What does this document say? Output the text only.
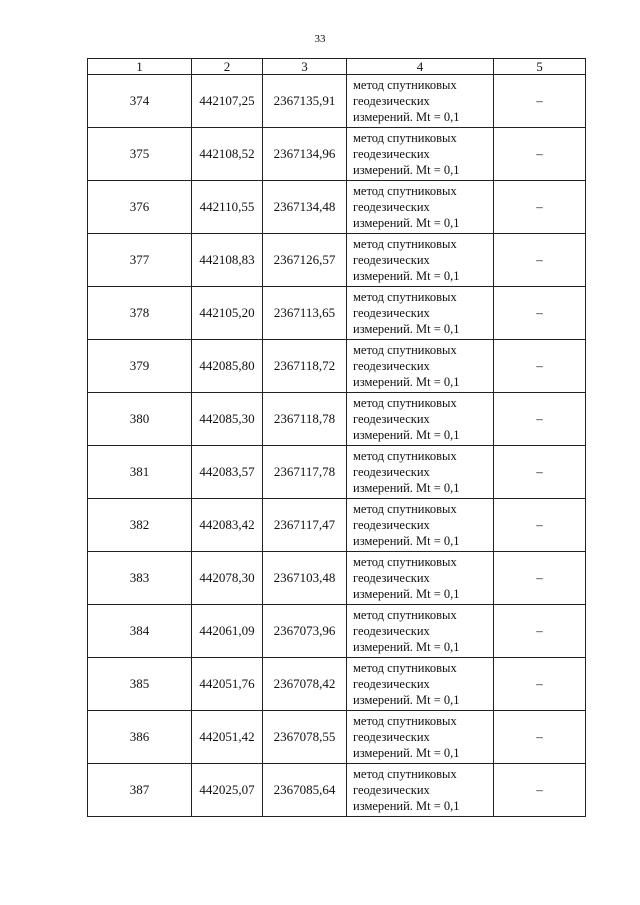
33
1	2	3	4	5
374	442107,25	2367135,91	метод спутниковых
геодезических
измерений. Mt = 0,1	–
375	442108,52	2367134,96	метод спутниковых
геодезических
измерений. Mt = 0,1	–
376	442110,55	2367134,48	метод спутниковых
геодезических
измерений. Mt = 0,1	–
377	442108,83	2367126,57	метод спутниковых
геодезических
измерений. Mt = 0,1	–
378	442105,20	2367113,65	метод спутниковых
геодезических
измерений. Mt = 0,1	–
379	442085,80	2367118,72	метод спутниковых
геодезических
измерений. Mt = 0,1	–
380	442085,30	2367118,78	метод спутниковых
геодезических
измерений. Mt = 0,1	–
381	442083,57	2367117,78	метод спутниковых
геодезических
измерений. Mt = 0,1	–
382	442083,42	2367117,47	метод спутниковых
геодезических
измерений. Mt = 0,1	–
383	442078,30	2367103,48	метод спутниковых
геодезических
измерений. Mt = 0,1	–
384	442061,09	2367073,96	метод спутниковых
геодезических
измерений. Mt = 0,1	–
385	442051,76	2367078,42	метод спутниковых
геодезических
измерений. Mt = 0,1	–
386	442051,42	2367078,55	метод спутниковых
геодезических
измерений. Mt = 0,1	–
387	442025,07	2367085,64	метод спутниковых
геодезических
измерений. Mt = 0,1	–
